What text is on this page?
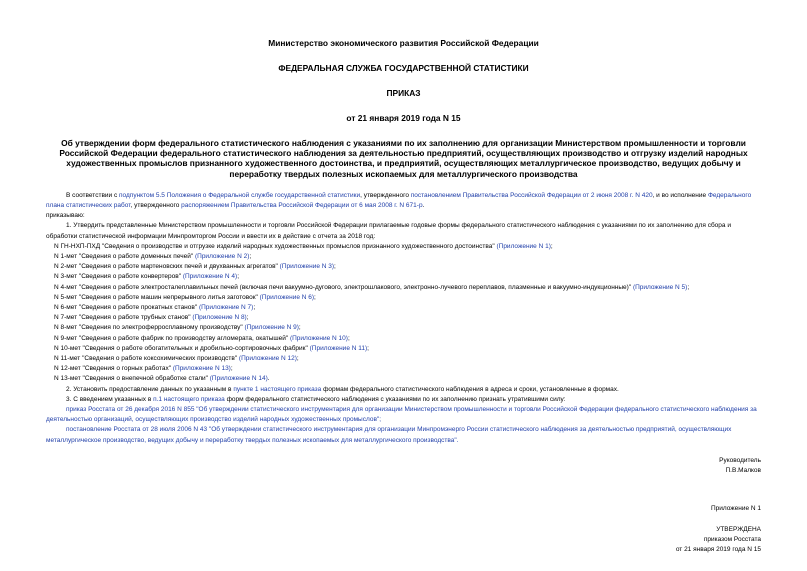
Министерство экономического развития Российской Федерации
ФЕДЕРАЛЬНАЯ СЛУЖБА ГОСУДАРСТВЕННОЙ СТАТИСТИКИ
ПРИКАЗ
от 21 января 2019 года N 15
Об утверждении форм федерального статистического наблюдения с указаниями по их заполнению для организации Министерством промышленности и торговли Российской Федерации федерального статистического наблюдения за деятельностью предприятий, осуществляющих производство и отгрузку изделий народных художественных промыслов признанного художественного достоинства, и предприятий, осуществляющих металлургическое производство, ведущих добычу и переработку твердых полезных ископаемых для металлургического производства

В соответствии с подпунктом 5.5 Положения о Федеральной службе государственной статистики, утвержденного постановлением Правительства Российской Федерации от 2 июня 2008 г. N 420, и во исполнение Федерального плана статистических работ, утвержденного распоряжением Правительства Российской Федерации от 6 мая 2008 г. N 671-р.

приказываю:

1. Утвердить представленные Министерством промышленности и торговли Российской Федерации прилагаемые годовые формы федерального статистического наблюдения с указаниями по их заполнению для сбора и обработки статистической информации Минпромторгом России и ввести их в действие с отчета за 2018 год:

N ГН-НХП-ПХД "Сведения о производстве и отгрузке изделий народных художественных промыслов признанного художественного достоинства" (Приложение N 1);

N 1-мет "Сведения о работе доменных печей" (Приложение N 2);

N 2-мет "Сведения о работе мартеновских печей и двухванных агрегатов" (Приложение N 3);

N 3-мет "Сведения о работе конвертеров" (Приложение N 4);

N 4-мет "Сведения о работе электросталеплавильных печей (включая печи вакуумно-дугового, электрошлакового, электронно-лучевого переплавов, плазменные и вакуумно-индукционные)" (Приложение N 5);

N 5-мет "Сведения о работе машин непрерывного литья заготовок" (Приложение N 6);

N 6-мет "Сведения о работе прокатных станов" (Приложение N 7);

N 7-мет "Сведения о работе трубных станов" (Приложение N 8);

N 8-мет "Сведения по электроферросплавному производству" (Приложение N 9);

N 9-мет "Сведения о работе фабрик по производству агломерата, окатышей" (Приложение N 10);

N 10-мет "Сведения о работе обогатительных и дробильно-сортировочных фабрик" (Приложение N 11);

N 11-мет "Сведения о работе коксохимических производств" (Приложение N 12);

N 12-мет "Сведения о горных работах" (Приложение N 13);

N 13-мет "Сведения о внепечной обработке стали" (Приложение N 14).

2. Установить предоставление данных по указанным в пункте 1 настоящего приказа формам федерального статистического наблюдения в адреса и сроки, установленные в формах.

3. С введением указанных в п.1 настоящего приказа форм федерального статистического наблюдения с указаниями по их заполнению признать утратившими силу:

приказ Росстата от 26 декабря 2016 N 855 "Об утверждении статистического инструментария для организации Министерством промышленности и торговли Российской Федерации федерального статистического наблюдения за деятельностью организаций, осуществляющих производство изделий народных художественных промыслов";

постановление Росстата от 28 июля 2006 N 43 "Об утверждении статистического инструментария для организации Минпромэнерго России статистического наблюдения за деятельностью предприятий, осуществляющих металлургическое производство, ведущих добычу и переработку твердых полезных ископаемых для металлургического производства".

Руководитель
П.В.Малков
Приложение N 1
УТВЕРЖДЕНА
приказом Росстата
от 21 января 2019 года N 15
